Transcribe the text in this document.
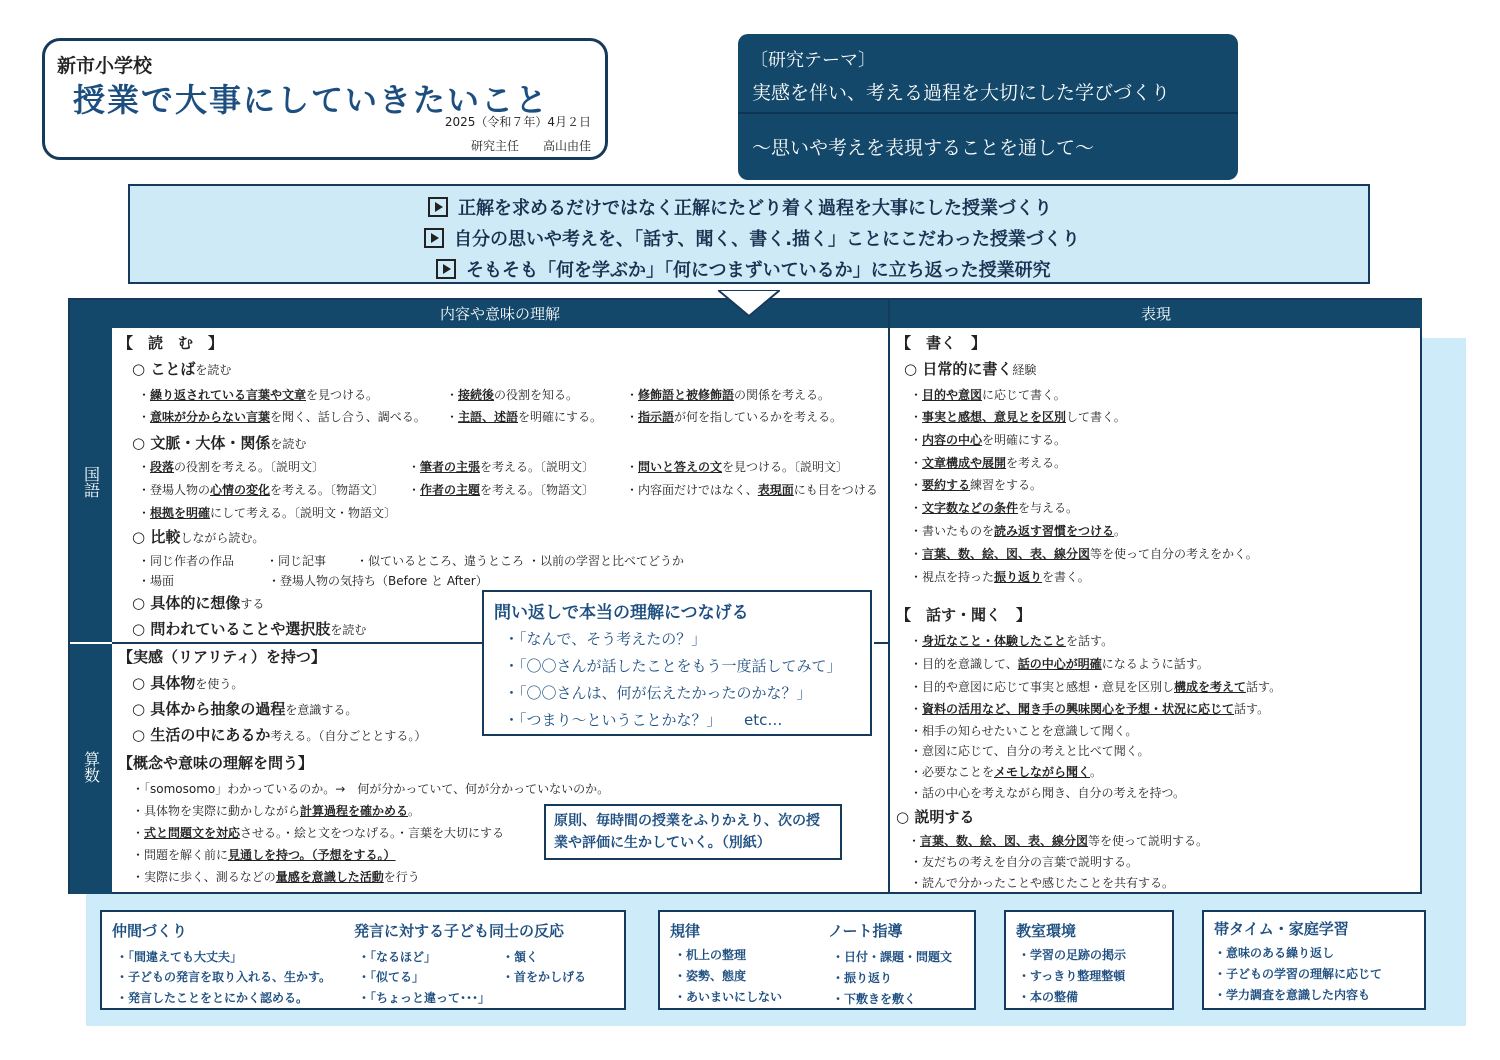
新市小学校
授業で大事にしていきたいこと
2025（令和７年）4月２日
研究主任　　高山由佳
〔研究テーマ〕
実感を伴い、考える過程を大切にした学びづくり
～思いや考えを表現することを通して～
正解を求めるだけではなく正解にたどり着く過程を大事にした授業づくり
自分の思いや考えを、「話す、聞く、書く.描く」ことにこだわった授業づくり
そもそも「何を学ぶか」「何につまずいているか」に立ち返った授業研究
内容や意味の理解	表現
国語
算数
【　読　む　】
○ ことばを読む
・繰り返されている言葉や文章を見つける。	・接続後の役割を知る。	・修飾語と被修飾語の関係を考える。
・意味が分からない言葉を聞く、話し合う、調べる。 ・主語、述語を明確にする。 ・指示語が何を指しているかを考える。
○ 文脈・大体・関係を読む
・段落の役割を考える。〔説明文〕	・筆者の主張を考える。〔説明文〕	・問いと答えの文を見つける。〔説明文〕
・登場人物の心情の変化を考える。〔物語文〕 ・作者の主題を考える。〔物語文〕	・内容面だけではなく、表現面にも目をつける
・根拠を明確にして考える。〔説明文・物語文〕
○ 比較しながら読む。
・同じ作者の作品	・同じ記事 ・似ているところ、違うところ ・以前の学習と比べてどうか
・場面	・登場人物の気持ち（Before と After）
○ 具体的に想像する
○ 問われていることや選択肢を読む
【実感（リアリティ）を持つ】
○ 具体物を使う。
○ 具体から抽象の過程を意識する。
○ 生活の中にあるか考える。（自分ごととする。）
【概念や意味の理解を問う】
・「somosomo」わかっているのか。→　何が分かっていて、何が分かっていないのか。
・具体物を実際に動かしながら計算過程を確かめる。
・式と問題文を対応させる。・絵と文をつなげる。・言葉を大切にする
・問題を解く前に見通しを持つ。（予想をする。）
・実際に歩く、測るなどの量感を意識した活動を行う
【　書く　】
○ 日常的に書く経験
・目的や意図に応じて書く。
・事実と感想、意見とを区別して書く。
・内容の中心を明確にする。
・文章構成や展開を考える。
・要約する練習をする。
・文字数などの条件を与える。
・書いたものを読み返す習慣をつける。
・言葉、数、絵、図、表、線分図等を使って自分の考えをかく。
・視点を持った振り返りを書く。
【　話す・聞く　】
・身近なこと・体験したことを話す。
・目的を意識して、話の中心が明確になるように話す。
・目的や意図に応じて事実と感想・意見を区別し構成を考えて話す。
・資料の活用など、聞き手の興味関心を予想・状況に応じて話す。
・相手の知らせたいことを意識して聞く。
・意図に応じて、自分の考えと比べて聞く。
・必要なことをメモしながら聞く。
・話の中心を考えながら聞き、自分の考えを持つ。
○ 説明する
・言葉、数、絵、図、表、線分図等を使って説明する。
・友だちの考えを自分の言葉で説明する。
・読んで分かったことや感じたことを共有する。
問い返しで本当の理解につなげる
・「なんで、そう考えたの？」
・「〇〇さんが話したことをもう一度話してみて」
・「〇〇さんは、何が伝えたかったのかな？」
・「つまり～ということかな？」　　etc…
原則、毎時間の授業をふりかえり、次の授業や評価に生かしていく。（別紙）
仲間づくり
・「間違えても大丈夫」
・子どもの発言を取り入れる、生かす。
・発言したことをとにかく認める。
発言に対する子ども同士の反応
・「なるほど」
・「似てる」
・「ちょっと違って･･･」
・頷く
・首をかしげる
規律
・机上の整理
・姿勢、態度
・あいまいにしない
ノート指導
・日付・課題・問題文
・振り返り
・下敷きを敷く
教室環境
・学習の足跡の掲示
・すっきり整理整頓
・本の整備
帯タイム・家庭学習
・意味のある繰り返し
・子どもの学習の理解に応じて
・学力調査を意識した内容も
